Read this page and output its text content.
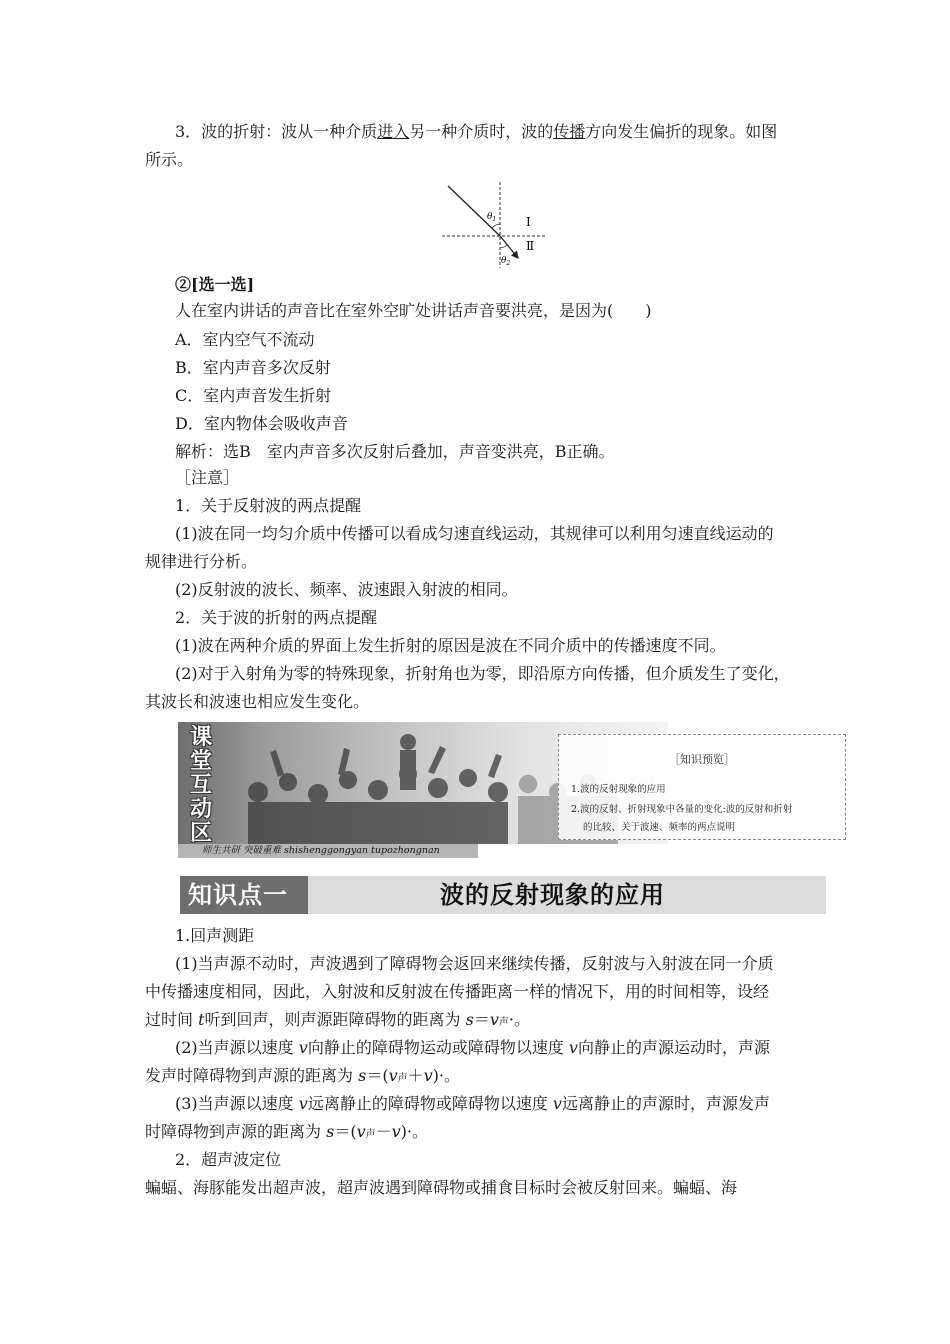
3．波的折射：波从一种介质进入另一种介质时，波的传播方向发生偏折的现象。如图
所示。
$\theta_1$
$\theta_2$
Ⅰ
Ⅱ
②[选一选]
人在室内讲话的声音比在室外空旷处讲话声音要洪亮，是因为(　　)
A．室内空气不流动
B．室内声音多次反射
C．室内声音发生折射
D．室内物体会吸收声音
解析：选B　室内声音多次反射后叠加，声音变洪亮，B正确。
［注意］
1．关于反射波的两点提醒
(1)波在同一均匀介质中传播可以看成匀速直线运动，其规律可以利用匀速直线运动的
规律进行分析。
(2)反射波的波长、频率、波速跟入射波的相同。
2．关于波的折射的两点提醒
(1)波在两种介质的界面上发生折射的原因是波在不同介质中的传播速度不同。
(2)对于入射角为零的特殊现象，折射角也为零，即沿原方向传播，但介质发生了变化，
其波长和波速也相应发生变化。
课
堂
互
动
区
师生共研 突破重难 shishenggongyan tupozhongnan
［知识预览］
1.波的反射现象的应用
2.波的反射、折射现象中各量的变化:波的反射和折射
的比较、关于波速、频率的两点说明
知识点一	波的反射现象的应用
1.回声测距
(1)当声源不动时，声波遇到了障碍物会返回来继续传播，反射波与入射波在同一介质
中传播速度相同，因此，入射波和反射波在传播距离一样的情况下，用的时间相等，设经
过时间 t听到回声，则声源距障碍物的距离为 s＝v声·。
(2)当声源以速度 v向静止的障碍物运动或障碍物以速度 v向静止的声源运动时，声源
发声时障碍物到声源的距离为 s＝(v声＋v)·。
(3)当声源以速度 v远离静止的障碍物或障碍物以速度 v远离静止的声源时，声源发声
时障碍物到声源的距离为 s＝(v声－v)·。
2．超声波定位
蝙蝠、海豚能发出超声波，超声波遇到障碍物或捕食目标时会被反射回来。蝙蝠、海
